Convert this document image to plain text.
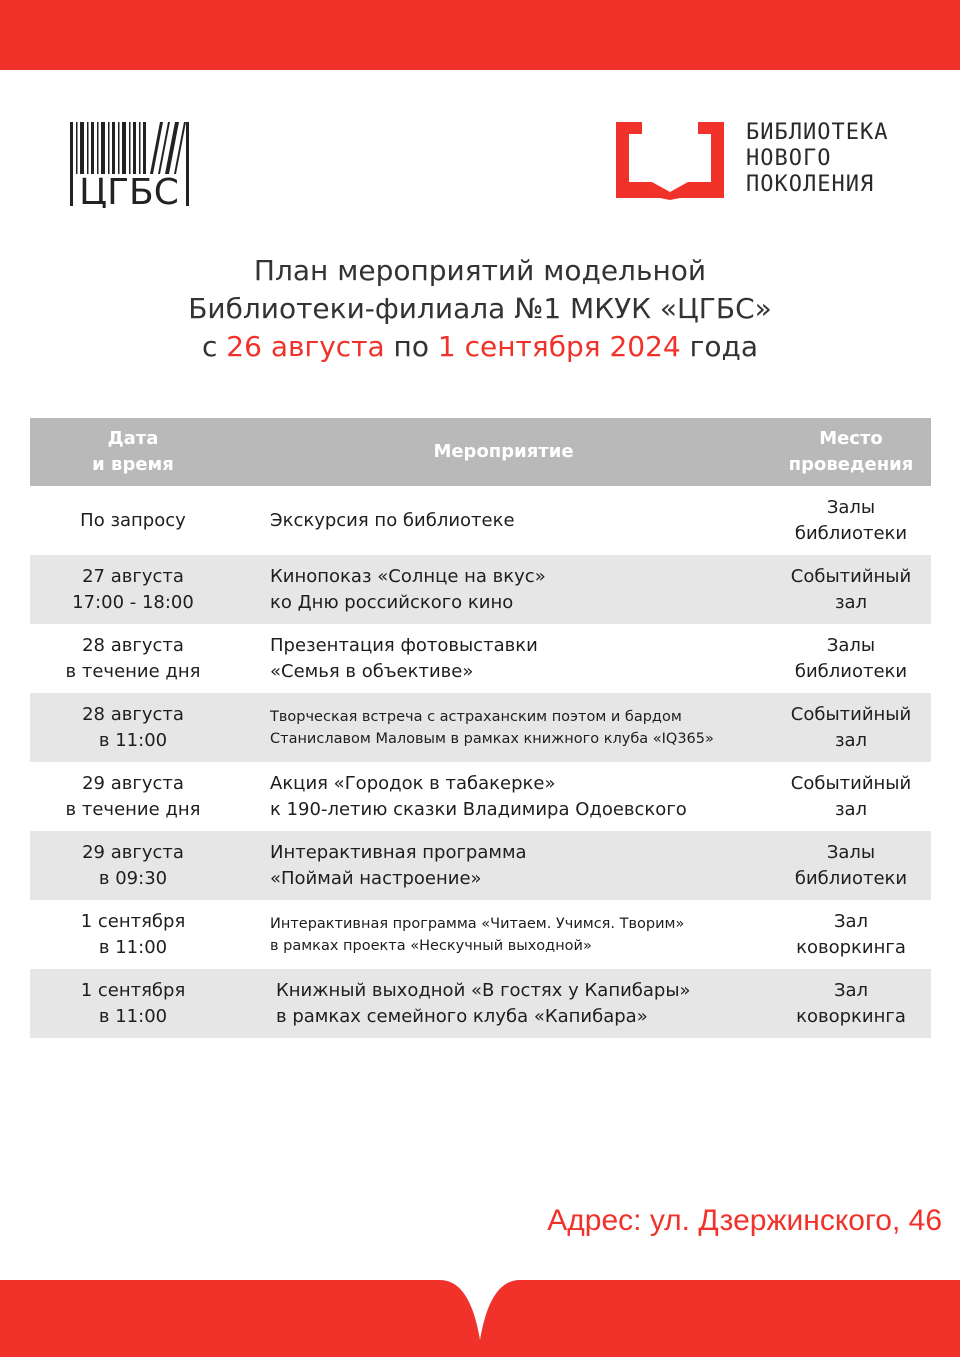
ЦГБС
БИБЛИОТЕКА
НОВОГО
ПОКОЛЕНИЯ
План мероприятий модельной
Библиотеки-филиала №1 МКУК «ЦГБС»
с 26 августа по 1 сентября 2024 года
Дата
и время
Мероприятие
Место
проведения
По запросу	Экскурсия по библиотеке
Залы
библиотеки
27 августа
17:00 - 18:00
Кинопоказ «Солнце на вкус»
ко Дню российского кино
Событийный
зал
28 августа
в течение дня
Презентация фотовыставки
«Семья в объективе»
Залы
библиотеки
28 августа
в 11:00
Творческая встреча с астраханским поэтом и бардом
Станиславом Маловым в рамках книжного клуба «IQ365»
Событийный
зал
29 августа
в течение дня
Акция «Городок в табакерке»
к 190-летию сказки Владимира Одоевского
Событийный
зал
29 августа
в 09:30
Интерактивная программа
«Поймай настроение»
Залы
библиотеки
1 сентября
в 11:00
Интерактивная программа «Читаем. Учимся. Творим»
в рамках проекта «Нескучный выходной»
Зал
коворкинга
1 сентября
в 11:00
Книжный выходной «В гостях у Капибары»
в рамках семейного клуба «Капибара»
Зал
коворкинга
Адрес: ул. Дзержинского, 46
